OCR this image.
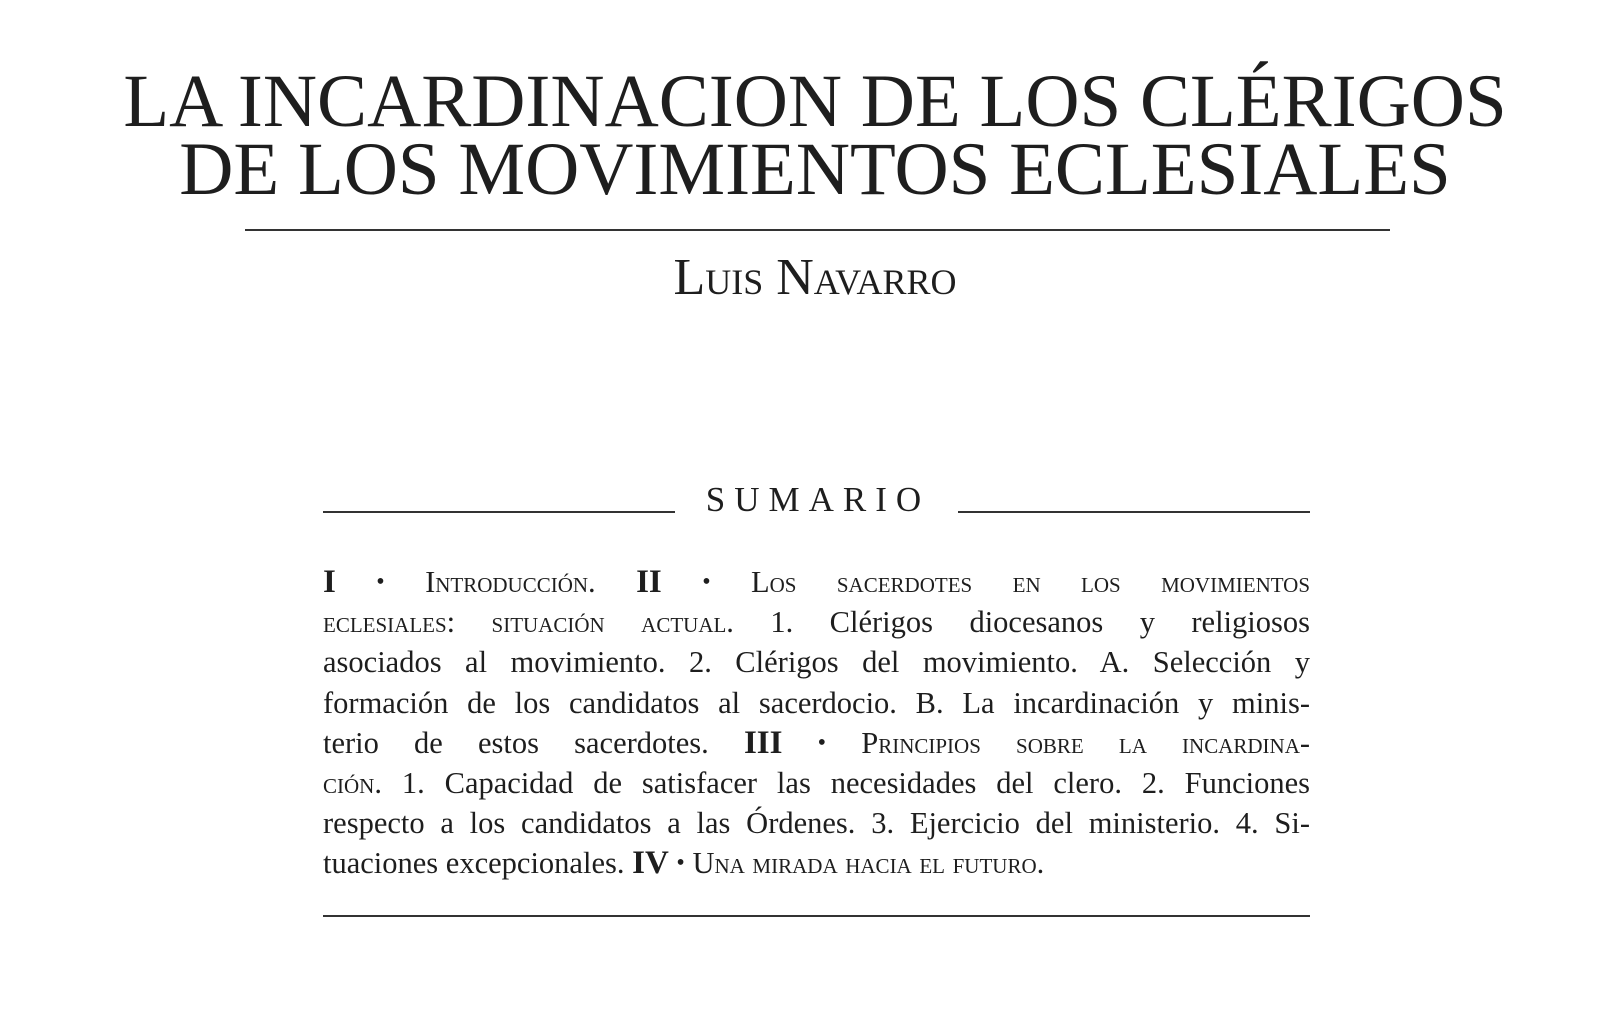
LA INCARDINACION DE LOS CLÉRIGOS
DE LOS MOVIMIENTOS ECLESIALES
Luis Navarro
SUMARIO
I • Introducción. II • Los sacerdotes en los movimientos
eclesiales: situación actual. 1. Clérigos diocesanos y religiosos
asociados al movimiento. 2. Clérigos del movimiento. A. Selección y
formación de los candidatos al sacerdocio. B. La incardinación y minis-
terio de estos sacerdotes. III • Principios sobre la incardina-
ción. 1. Capacidad de satisfacer las necesidades del clero. 2. Funciones
respecto a los candidatos a las Órdenes. 3. Ejercicio del ministerio. 4. Si-
tuaciones excepcionales. IV • Una mirada hacia el futuro.
